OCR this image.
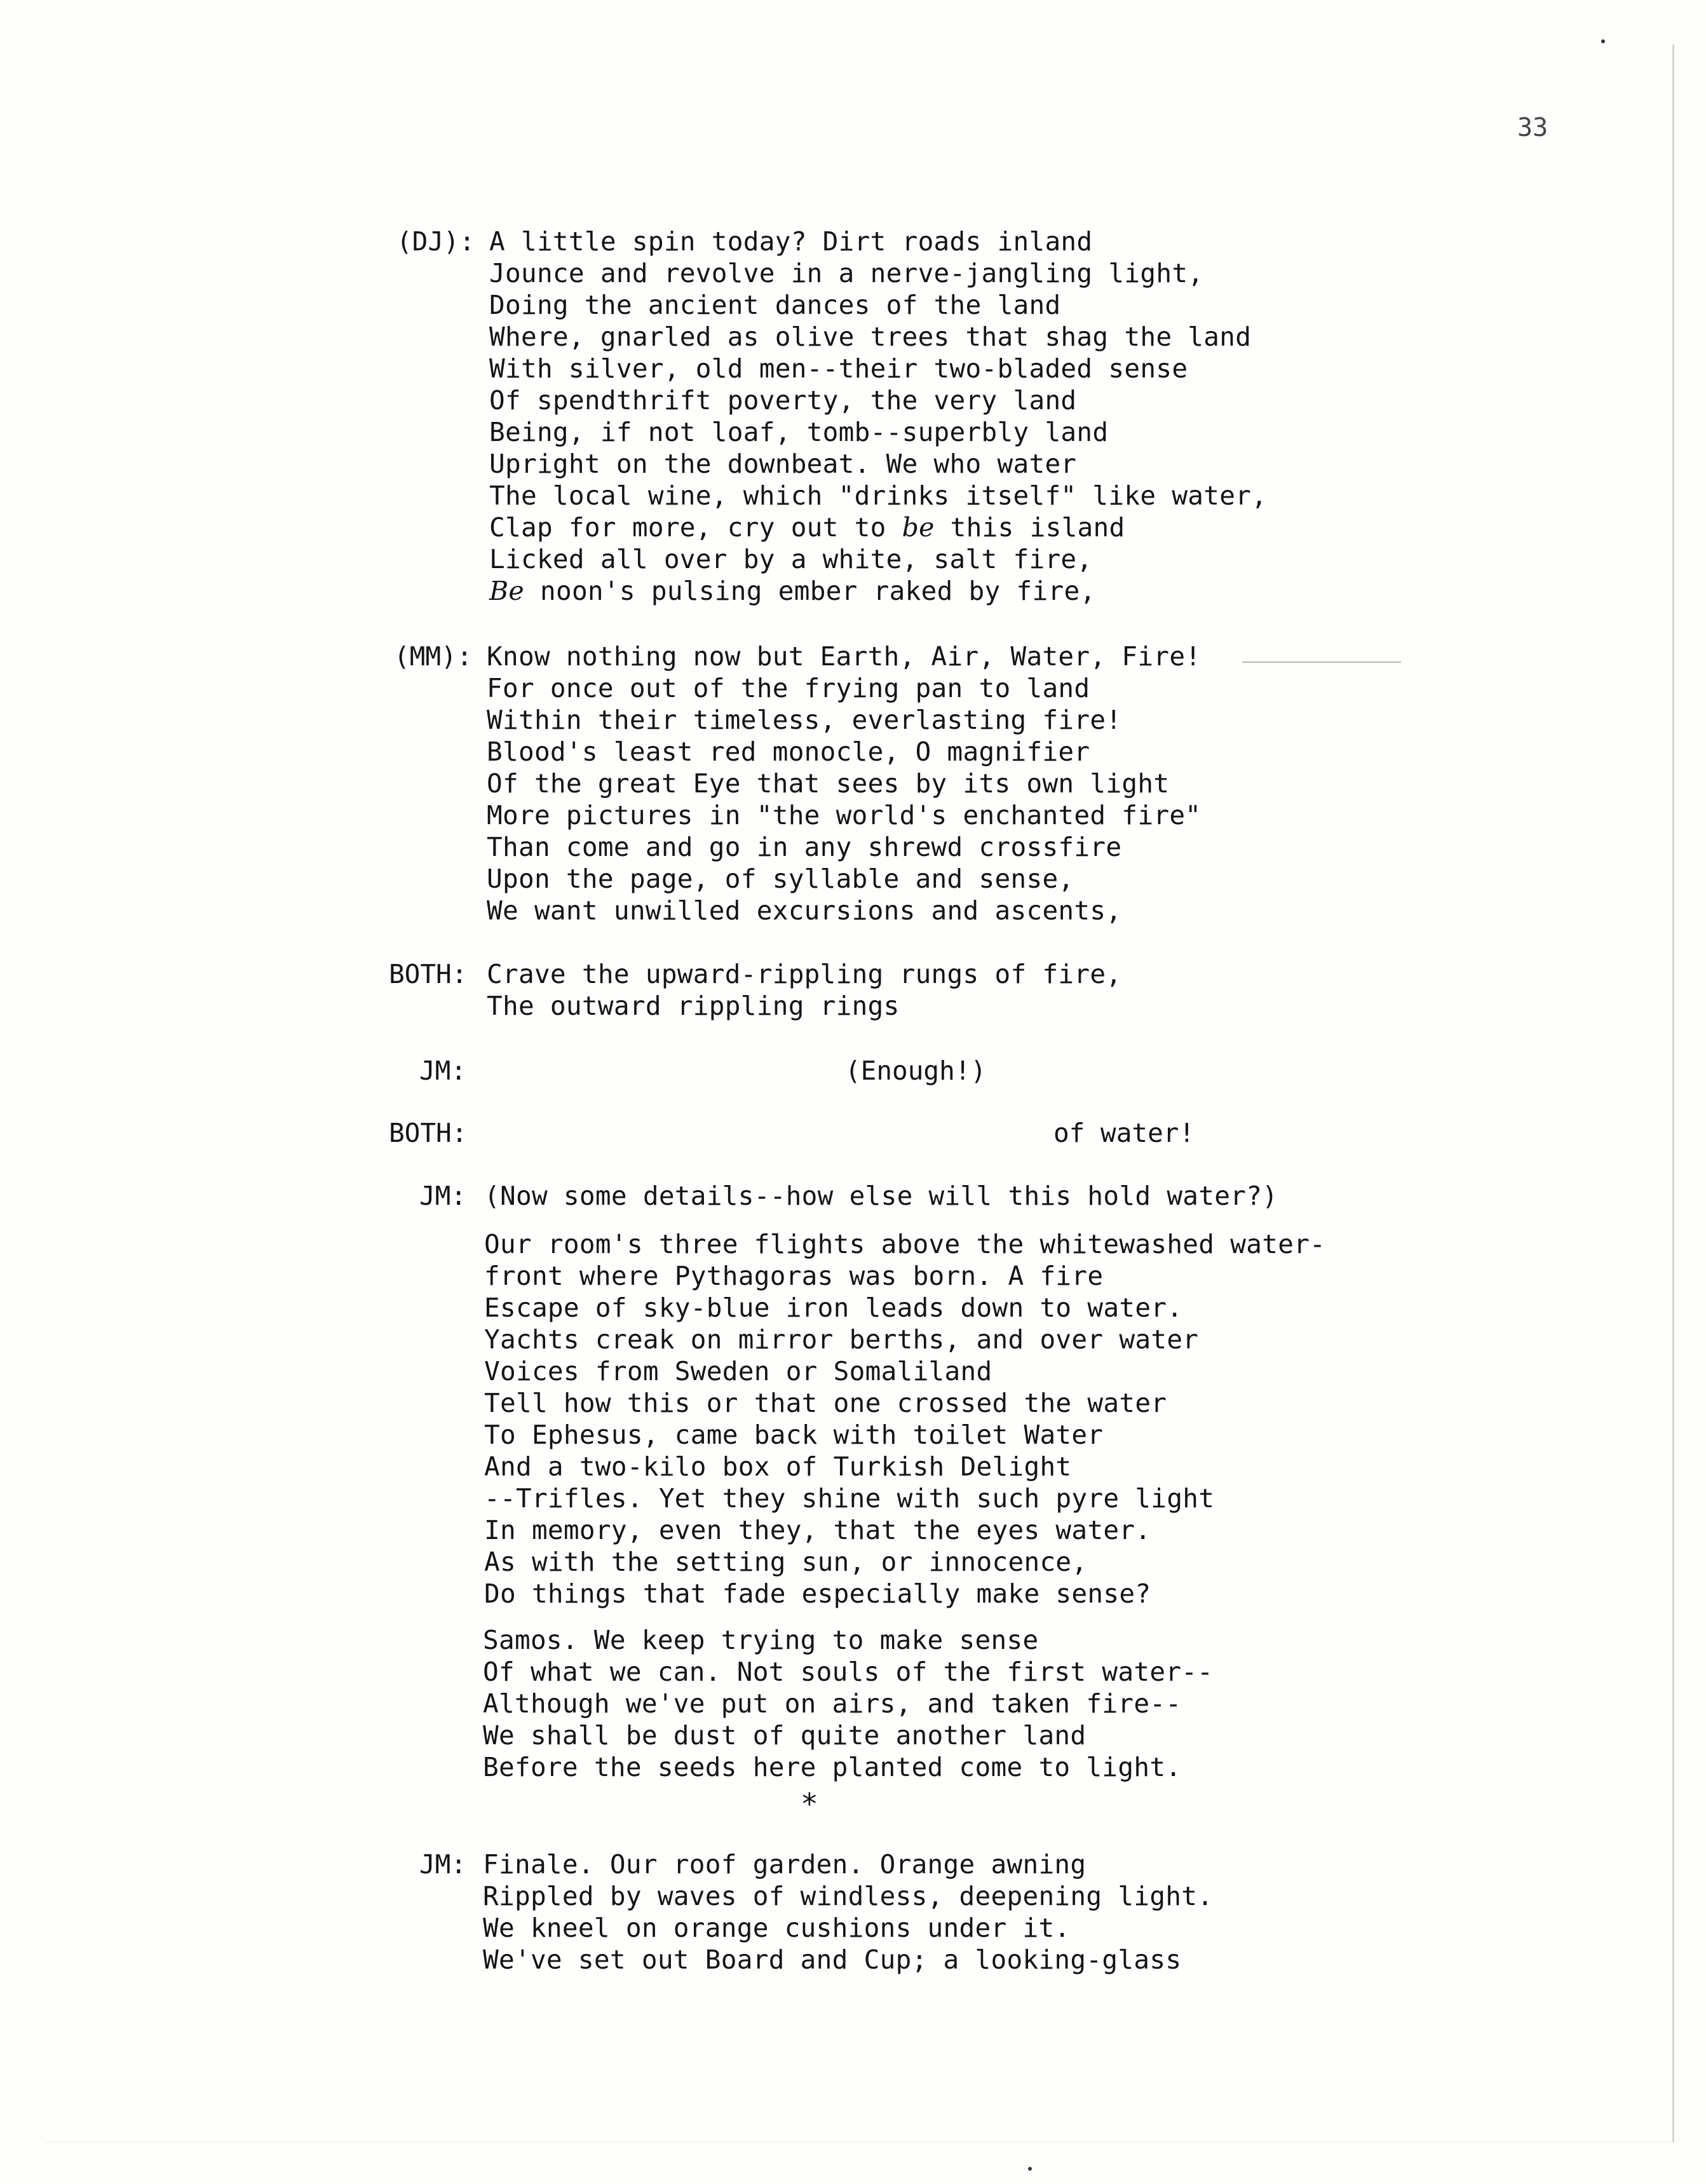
33
(DJ): A little spin today? Dirt roads inland
Jounce and revolve in a nerve-jangling light,
Doing the ancient dances of the land
Where, gnarled as olive trees that shag the land
With silver, old men--their two-bladed sense
Of spendthrift poverty, the very land
Being, if not loaf, tomb--superbly land
Upright on the downbeat. We who water
The local wine, which "drinks itself" like water,
Clap for more, cry out to be this island
Licked all over by a white, salt fire,
Be noon's pulsing ember raked by fire,
(MM): Know nothing now but Earth, Air, Water, Fire!
For once out of the frying pan to land
Within their timeless, everlasting fire!
Blood's least red monocle, O magnifier
Of the great Eye that sees by its own light
More pictures in "the world's enchanted fire"
Than come and go in any shrewd crossfire
Upon the page, of syllable and sense,
We want unwilled excursions and ascents,
BOTH: Crave the upward-rippling rungs of fire,
The outward rippling rings
JM:	(Enough!)
BOTH:	of water!
JM: (Now some details--how else will this hold water?)
Our room's three flights above the whitewashed water-
front where Pythagoras was born. A fire
Escape of sky-blue iron leads down to water.
Yachts creak on mirror berths, and over water
Voices from Sweden or Somaliland
Tell how this or that one crossed the water
To Ephesus, came back with toilet Water
And a two-kilo box of Turkish Delight
--Trifles. Yet they shine with such pyre light
In memory, even they, that the eyes water.
As with the setting sun, or innocence,
Do things that fade especially make sense?
Samos. We keep trying to make sense
Of what we can. Not souls of the first water--
Although we've put on airs, and taken fire--
We shall be dust of quite another land
Before the seeds here planted come to light.
*
JM: Finale. Our roof garden. Orange awning
Rippled by waves of windless, deepening light.
We kneel on orange cushions under it.
We've set out Board and Cup; a looking-glass
